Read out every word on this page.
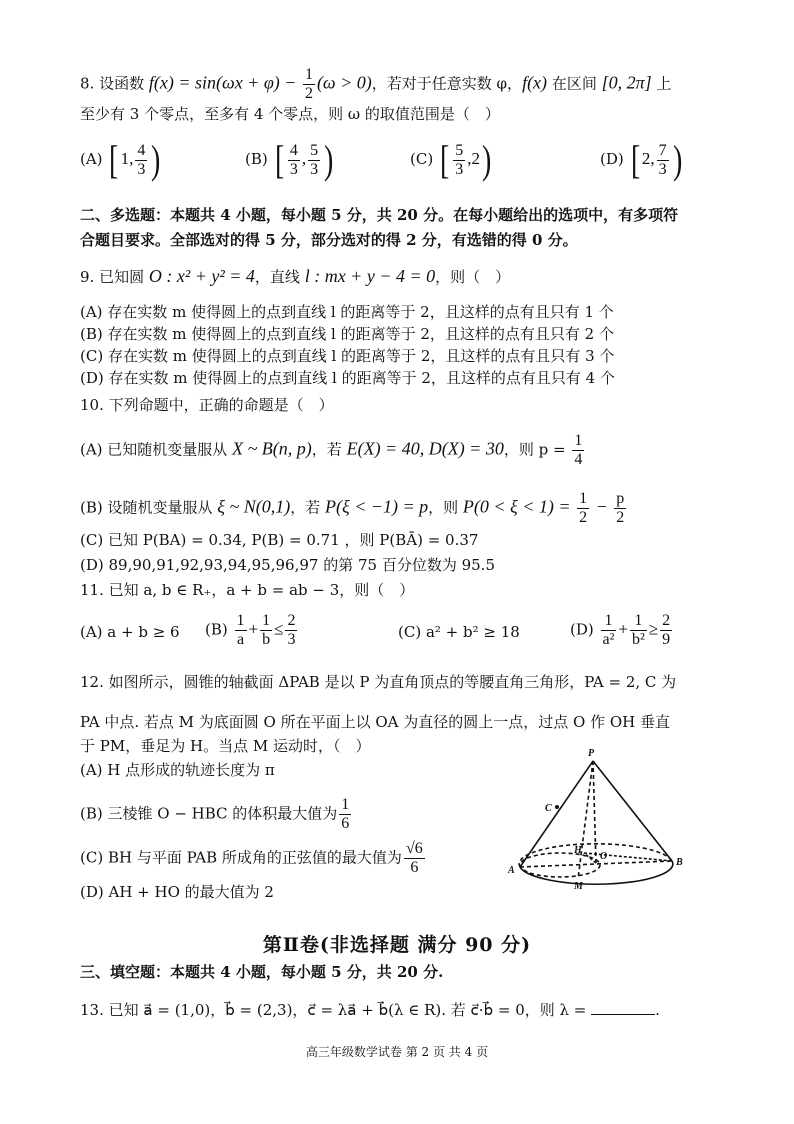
8. 设函数 $f(x) = \sin(\omega x + \varphi) - \frac{1}{2} (\omega > 0)$，若对于任意实数 φ，f(x) 在区间 [0, 2π] 上
至少有 3 个零点，至多有 4 个零点，则 ω 的取值范围是（　）
(A) [ 1, $\frac{4}{3}$ )	(B) [ $\frac{4}{3}$ , $\frac{5}{3}$ )	(C) [ $\frac{5}{3} ,2$)	(D) [ 2, $\frac{7}{3}$ )
二、多选题：本题共 4 小题，每小题 5 分，共 20 分。在每小题给出的选项中，有多项符
合题目要求。全部选对的得 5 分，部分选对的得 2 分，有选错的得 0 分。
9. 已知圆 O : x² + y² = 4，直线 l : mx + y − 4 = 0，则（　）
(A) 存在实数 m 使得圆上的点到直线 l 的距离等于 2，且这样的点有且只有 1 个
(B) 存在实数 m 使得圆上的点到直线 l 的距离等于 2，且这样的点有且只有 2 个
(C) 存在实数 m 使得圆上的点到直线 l 的距离等于 2，且这样的点有且只有 3 个
(D) 存在实数 m 使得圆上的点到直线 l 的距离等于 2，且这样的点有且只有 4 个
10. 下列命题中，正确的命题是（　）
(A) 已知随机变量服从 X ~ B(n, p)，若 E(X) = 40, D(X) = 30，则 $p = \frac{1}{4}$
(B) 设随机变量服从 ξ ~ N(0,1)，若 P(ξ < −1) = p，则 $P(0 < \xi < 1) = \frac{1}{2} - \frac{p}{2}$
(C) 已知 P(BA) = 0.34, P(B) = 0.71 ，则 P(BĀ) = 0.37
(D) 89,90,91,92,93,94,95,96,97 的第 75 百分位数为 95.5
11. 已知 a, b ∈ R₊，a + b = ab − 3，则（　）
(A) a + b ≥ 6 $(B) \frac{1}{a} + \frac{1}{b} \le \frac{2}{3}$	(C) a² + b² ≥ 18	$(D) \frac{1}{\text{a²}} + \frac{1}{\text{b²}} \ge \frac{2}{9}$
12. 如图所示，圆锥的轴截面 ΔPAB 是以 P 为直角顶点的等腰直角三角形，PA = 2, C 为
PA 中点. 若点 M 为底面圆 O 所在平面上以 OA 为直径的圆上一点，过点 O 作 OH 垂直
于 PM，垂足为 H。当点 M 运动时，（　）
(A) H 点形成的轨迹长度为 π
(B) 三棱锥 O − HBC 的体积最大值为 $\frac{1}{6}$
(C) BH 与平面 PAB 所成角的正弦值的最大值为 $\frac{√6}{6}$
(D) AH + HO 的最大值为 2
P
C
O
H
A
B
M
第Ⅱ卷(非选择题 满分 90 分)
三、填空题：本题共 4 小题，每小题 5 分，共 20 分.
13. 已知 a⃗ = (1,0)，b⃗ = (2,3)，c⃗ = λa⃗ + b⃗(λ ∈ R). 若 c⃗·b⃗ = 0，则 λ =	.
高三年级数学试卷 第 2 页 共 4 页
